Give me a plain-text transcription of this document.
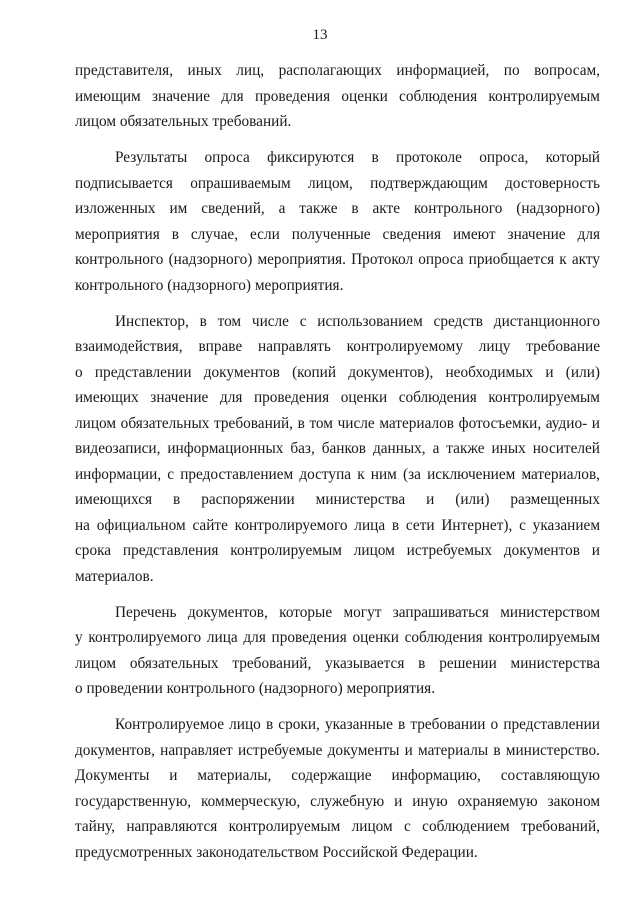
13
представителя, иных лиц, располагающих информацией, по вопросам,
имеющим значение для проведения оценки соблюдения контролируемым
лицом обязательных требований.
Результаты опроса фиксируются в протоколе опроса, который
подписывается опрашиваемым лицом, подтверждающим достоверность
изложенных им сведений, а также в акте контрольного (надзорного)
мероприятия в случае, если полученные сведения имеют значение для
контрольного (надзорного) мероприятия. Протокол опроса приобщается к акту
контрольного (надзорного) мероприятия.
Инспектор, в том числе с использованием средств дистанционного
взаимодействия, вправе направлять контролируемому лицу требование
о представлении документов (копий документов), необходимых и (или)
имеющих значение для проведения оценки соблюдения контролируемым
лицом обязательных требований, в том числе материалов фотосъемки, аудио- и
видеозаписи, информационных баз, банков данных, а также иных носителей
информации, с предоставлением доступа к ним (за исключением материалов,
имеющихся в распоряжении министерства и (или) размещенных
на официальном сайте контролируемого лица в сети Интернет), с указанием
срока представления контролируемым лицом истребуемых документов и
материалов.
Перечень документов, которые могут запрашиваться министерством
у контролируемого лица для проведения оценки соблюдения контролируемым
лицом обязательных требований, указывается в решении министерства
о проведении контрольного (надзорного) мероприятия.
Контролируемое лицо в сроки, указанные в требовании о представлении
документов, направляет истребуемые документы и материалы в министерство.
Документы и материалы, содержащие информацию, составляющую
государственную, коммерческую, служебную и иную охраняемую законом
тайну, направляются контролируемым лицом с соблюдением требований,
предусмотренных законодательством Российской Федерации.
